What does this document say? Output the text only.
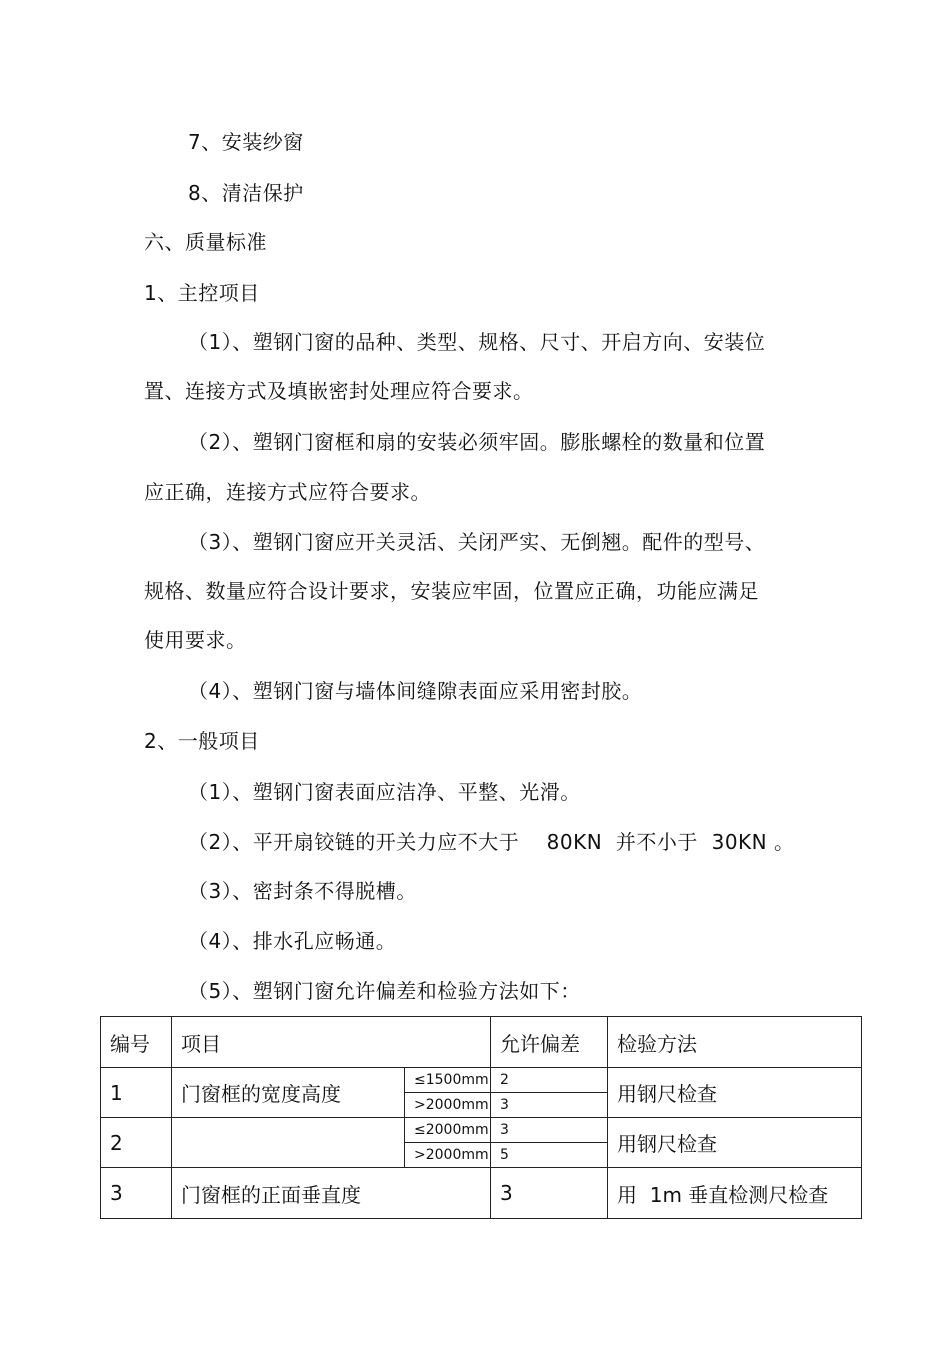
7、安装纱窗
8、清洁保护
六、质量标准
1、主控项目
（1）、塑钢门窗的品种、类型、规格、尺寸、开启方向、安装位
置、连接方式及填嵌密封处理应符合要求。
（2）、塑钢门窗框和扇的安装必须牢固。膨胀螺栓的数量和位置
应正确，连接方式应符合要求。
（3）、塑钢门窗应开关灵活、关闭严实、无倒翘。配件的型号、
规格、数量应符合设计要求，安装应牢固，位置应正确，功能应满足
使用要求。
（4）、塑钢门窗与墙体间缝隙表面应采用密封胶。
2、一般项目
（1）、塑钢门窗表面应洁净、平整、光滑。
（2）、平开扇铰链的开关力应不大于    80KN  并不小于  30KN 。
（3）、密封条不得脱槽。
（4）、排水孔应畅通。
（5）、塑钢门窗允许偏差和检验方法如下：
编号	项目		允许偏差	检验方法
1	门窗框的宽度高度	≤1500mm	2	用钢尺检查
		>2000mm	3	
2		≤2000mm	3	用钢尺检查
		>2000mm	5	
3	门窗框的正面垂直度		3	用  1m 垂直检测尺检查
